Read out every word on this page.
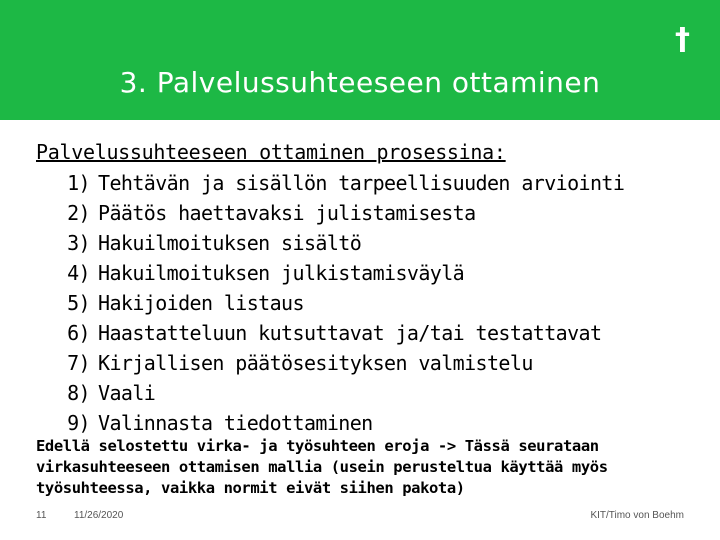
†
3. Palvelussuhteeseen ottaminen
Palvelussuhteeseen ottaminen prosessina:
1) Tehtävän ja sisällön tarpeellisuuden arviointi
2) Päätös haettavaksi julistamisesta
3) Hakuilmoituksen sisältö
4) Hakuilmoituksen julkistamisväylä
5) Hakijoiden listaus
6) Haastatteluun kutsuttavat ja/tai testattavat
7) Kirjallisen päätösesityksen valmistelu
8) Vaali
9) Valinnasta tiedottaminen
Edellä selostettu virka- ja työsuhteen eroja -> Tässä seurataan virkasuhteeseen ottamisen mallia (usein perusteltua käyttää myös työsuhteessa, vaikka normit eivät siihen pakota)
11	11/26/2020	KIT/Timo von Boehm
